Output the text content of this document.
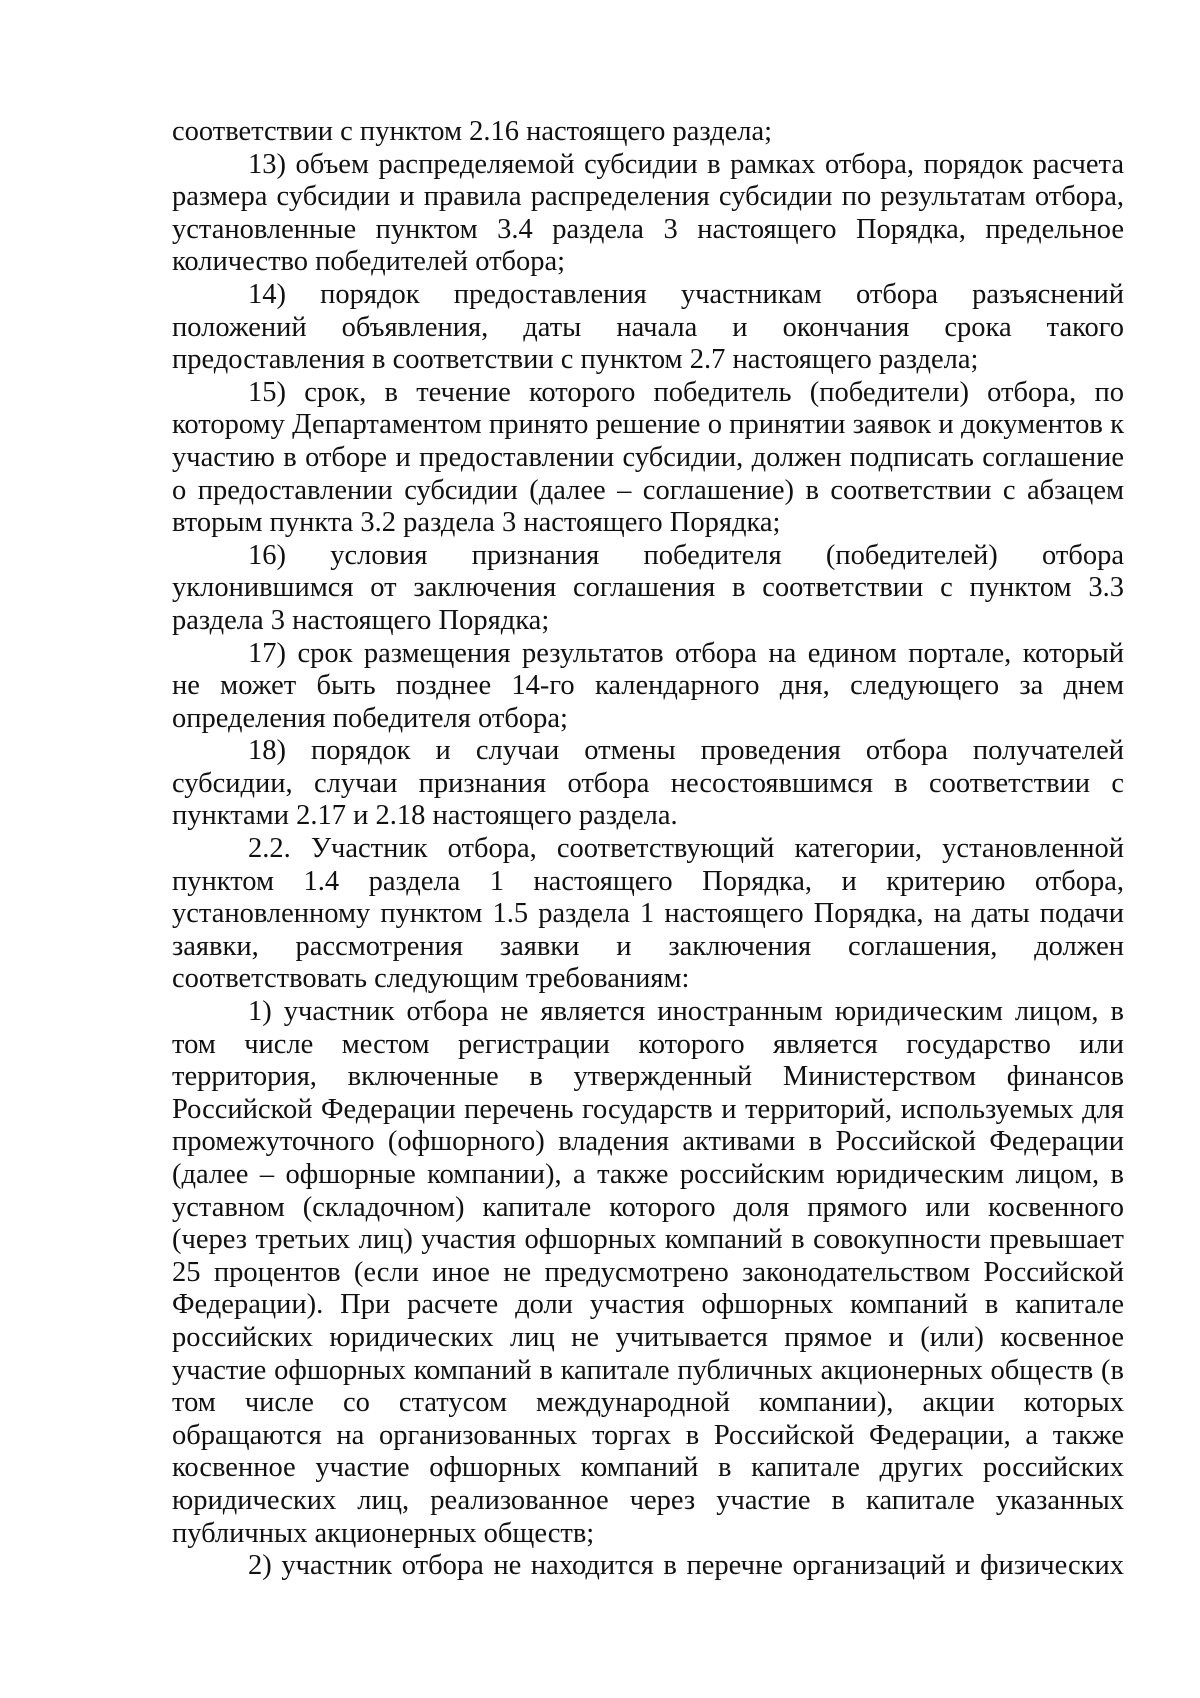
соответствии с пунктом 2.16 настоящего раздела;

13) объем распределяемой субсидии в рамках отбора, порядок расчета размера субсидии и правила распределения субсидии по результатам отбора, установленные пунктом 3.4 раздела 3 настоящего Порядка, предельное количество победителей отбора;

14) порядок предоставления участникам отбора разъяснений положений объявления, даты начала и окончания срока такого предоставления в соответствии с пунктом 2.7 настоящего раздела;

15) срок, в течение которого победитель (победители) отбора, по которому Департаментом принято решение о принятии заявок и документов к участию в отборе и предоставлении субсидии, должен подписать соглашение о предоставлении субсидии (далее – соглашение) в соответствии с абзацем вторым пункта 3.2 раздела 3 настоящего Порядка;

16) условия признания победителя (победителей) отбора уклонившимся от заключения соглашения в соответствии с пунктом 3.3 раздела 3 настоящего Порядка;

17) срок размещения результатов отбора на едином портале, который не может быть позднее 14-го календарного дня, следующего за днем определения победителя отбора;

18) порядок и случаи отмены проведения отбора получателей субсидии, случаи признания отбора несостоявшимся в соответствии с пунктами 2.17 и 2.18 настоящего раздела.

2.2. Участник отбора, соответствующий категории, установленной пунктом 1.4 раздела 1 настоящего Порядка, и критерию отбора, установленному пунктом 1.5 раздела 1 настоящего Порядка, на даты подачи заявки, рассмотрения заявки и заключения соглашения, должен соответствовать следующим требованиям:

1) участник отбора не является иностранным юридическим лицом, в том числе местом регистрации которого является государство или территория, включенные в утвержденный Министерством финансов Российской Федерации перечень государств и территорий, используемых для промежуточного (офшорного) владения активами в Российской Федерации (далее – офшорные компании), а также российским юридическим лицом, в уставном (складочном) капитале которого доля прямого или косвенного (через третьих лиц) участия офшорных компаний в совокупности превышает 25 процентов (если иное не предусмотрено законодательством Российской Федерации). При расчете доли участия офшорных компаний в капитале российских юридических лиц не учитывается прямое и (или) косвенное участие офшорных компаний в капитале публичных акционерных обществ (в том числе со статусом международной компании), акции которых обращаются на организованных торгах в Российской Федерации, а также косвенное участие офшорных компаний в капитале других российских юридических лиц, реализованное через участие в капитале указанных публичных акционерных обществ;

2) участник отбора не находится в перечне организаций и физических
